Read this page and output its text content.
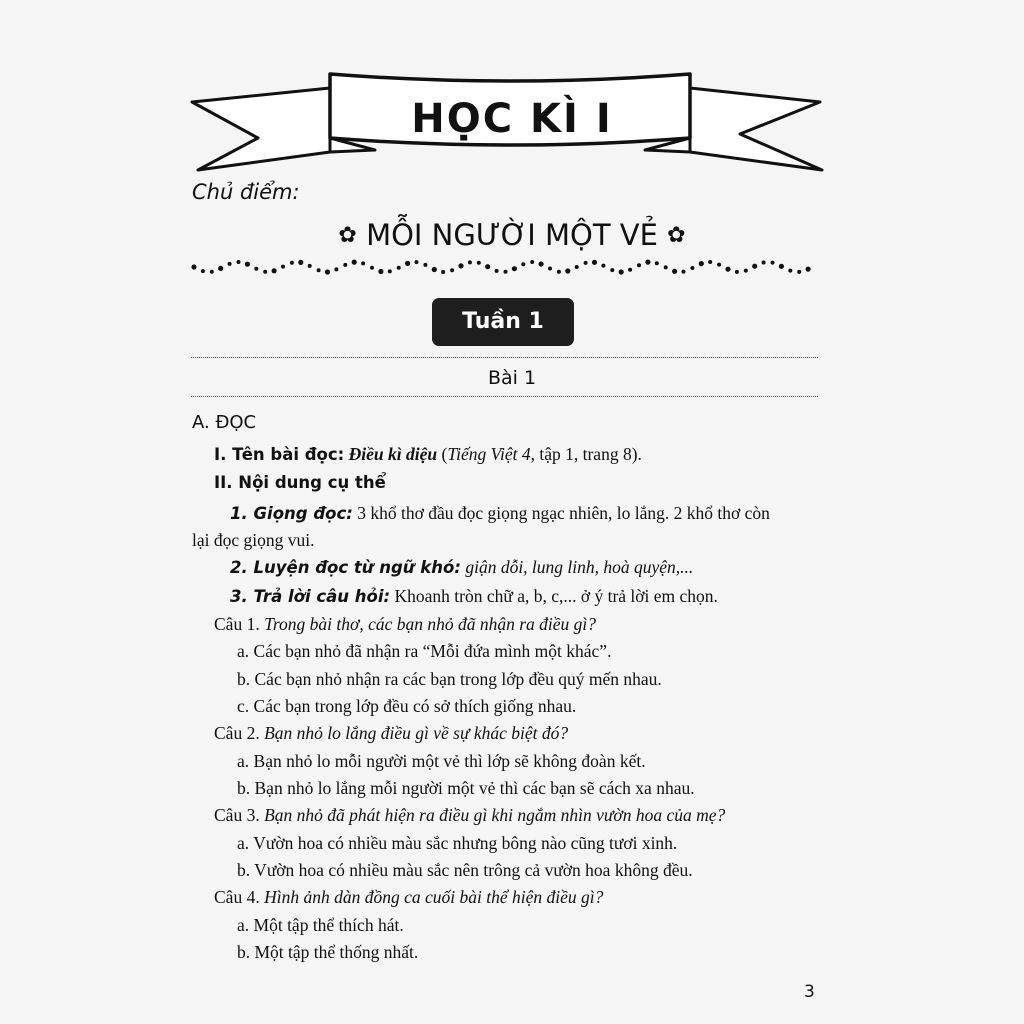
HỌC KÌ I
Chủ điểm:
✿ MỖI NGƯỜI MỘT VẺ ✿
Tuần 1
Bài 1
A. ĐỌC
I. Tên bài đọc: Điều kì diệu (Tiếng Việt 4, tập 1, trang 8).
II. Nội dung cụ thể
1. Giọng đọc: 3 khổ thơ đầu đọc giọng ngạc nhiên, lo lắng. 2 khổ thơ còn
lại đọc giọng vui.
2. Luyện đọc từ ngữ khó: giận dỗi, lung linh, hoà quyện,...
3. Trả lời câu hỏi: Khoanh tròn chữ a, b, c,... ở ý trả lời em chọn.
Câu 1. Trong bài thơ, các bạn nhỏ đã nhận ra điều gì?
a. Các bạn nhỏ đã nhận ra “Mỗi đứa mình một khác”.
b. Các bạn nhỏ nhận ra các bạn trong lớp đều quý mến nhau.
c. Các bạn trong lớp đều có sở thích giống nhau.
Câu 2. Bạn nhỏ lo lắng điều gì về sự khác biệt đó?
a. Bạn nhỏ lo mỗi người một vẻ thì lớp sẽ không đoàn kết.
b. Bạn nhỏ lo lắng mỗi người một vẻ thì các bạn sẽ cách xa nhau.
Câu 3. Bạn nhỏ đã phát hiện ra điều gì khi ngắm nhìn vườn hoa của mẹ?
a. Vườn hoa có nhiều màu sắc nhưng bông nào cũng tươi xinh.
b. Vườn hoa có nhiều màu sắc nên trông cả vườn hoa không đều.
Câu 4. Hình ảnh dàn đồng ca cuối bài thể hiện điều gì?
a. Một tập thể thích hát.
b. Một tập thể thống nhất.
3
